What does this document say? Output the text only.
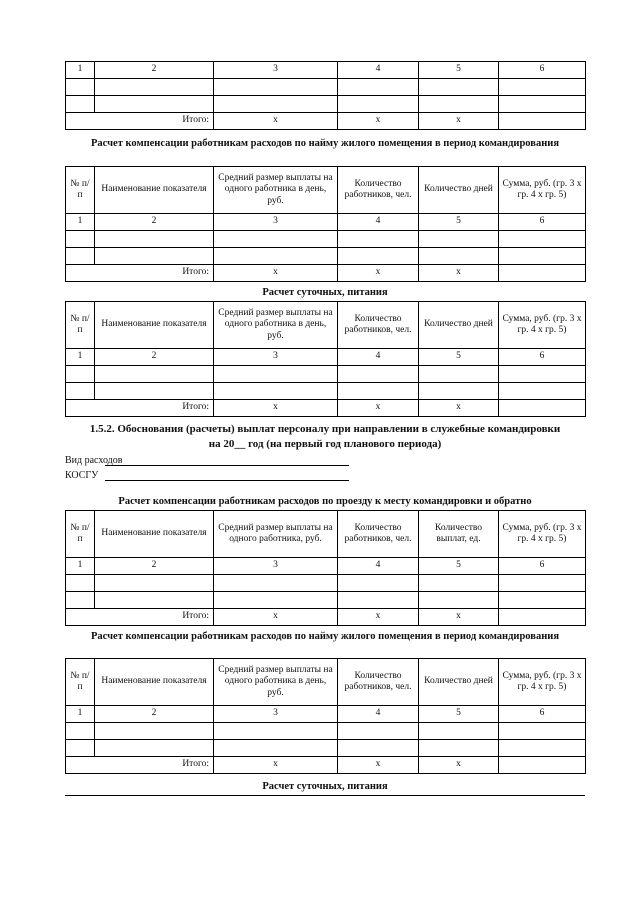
1	2	3	4	5	6

Итого:		x	x	x	
Расчет компенсации работникам расходов по найму жилого помещения в период командирования
№ п/п	Наименование показателя	Средний размер выплаты на одного работника в день, руб.	Количество работников, чел.	Количество дней	Сумма, руб. (гр. 3 х гр. 4 х гр. 5)
1	2	3	4	5	6

Итого:		x	x	x	
Расчет суточных, питания
№ п/п	Наименование показателя	Средний размер выплаты на одного работника в день, руб.	Количество работников, чел.	Количество дней	Сумма, руб. (гр. 3 х гр. 4 х гр. 5)
1	2	3	4	5	6

Итого:		x	x	x	
1.5.2. Обоснования (расчеты) выплат персоналу при направлении в служебные командировки
на 20__ год (на первый год планового периода)
Вид расходов
КОСГУ
Расчет компенсации работникам расходов по проезду к месту командировки и обратно
№ п/п	Наименование показателя	Средний размер выплаты на одного работника, руб.	Количество работников, чел.	Количество выплат, ед.	Сумма, руб. (гр. 3 х гр. 4 х гр. 5)
1	2	3	4	5	6

Итого:		x	x	x	
Расчет компенсации работникам расходов по найму жилого помещения в период командирования
№ п/п	Наименование показателя	Средний размер выплаты на одного работника в день, руб.	Количество работников, чел.	Количество дней	Сумма, руб. (гр. 3 х гр. 4 х гр. 5)
1	2	3	4	5	6

Итого:		x	x	x	
Расчет суточных, питания
